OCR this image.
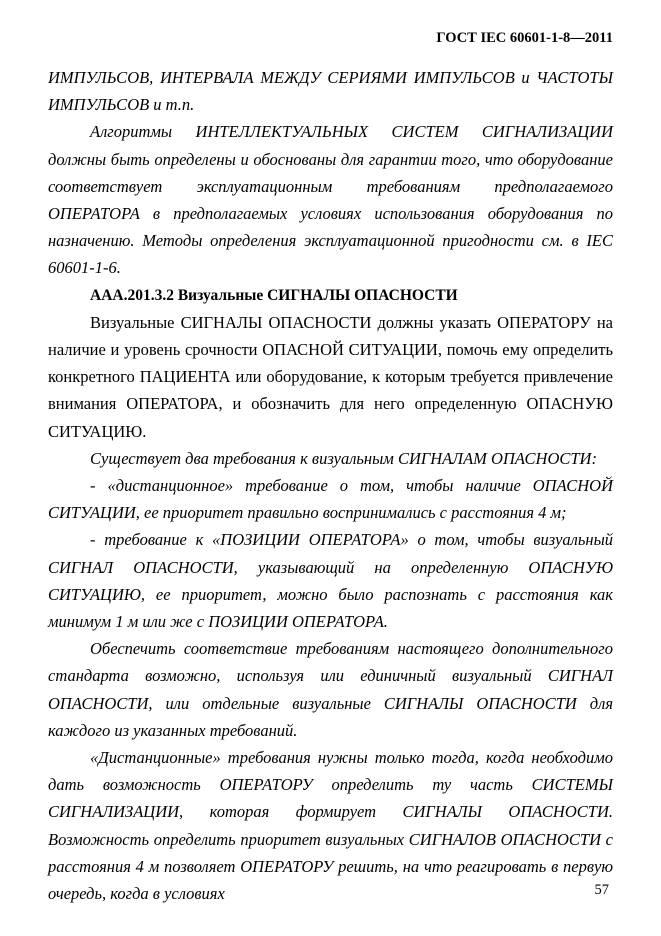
ГОСТ IEC 60601-1-8—2011

ИМПУЛЬСОВ, ИНТЕРВАЛА МЕЖДУ СЕРИЯМИ ИМПУЛЬСОВ и ЧАСТОТЫ ИМПУЛЬСОВ и т.п.

Алгоритмы ИНТЕЛЛЕКТУАЛЬНЫХ СИСТЕМ СИГНАЛИЗАЦИИ должны быть определены и обоснованы для гарантии того, что оборудование соответствует эксплуатационным требованиям предполагаемого ОПЕРАТОРА в предполагаемых условиях использования оборудования по назначению. Методы определения эксплуатационной пригодности см. в IEC 60601-1-6.

AAA.201.3.2 Визуальные СИГНАЛЫ ОПАСНОСТИ

Визуальные СИГНАЛЫ ОПАСНОСТИ должны указать ОПЕРАТОРУ на наличие и уровень срочности ОПАСНОЙ СИТУАЦИИ, помочь ему определить конкретного ПАЦИЕНТА или оборудование, к которым требуется привлечение внимания ОПЕРАТОРА, и обозначить для него определенную ОПАСНУЮ СИТУАЦИЮ.

Существует два требования к визуальным СИГНАЛАМ ОПАСНОСТИ:

- «дистанционное» требование о том, чтобы наличие ОПАСНОЙ СИТУАЦИИ, ее приоритет правильно воспринимались с расстояния 4 м;

- требование к «ПОЗИЦИИ ОПЕРАТОРА» о том, чтобы визуальный СИГНАЛ ОПАСНОСТИ, указывающий на определенную ОПАСНУЮ СИТУАЦИЮ, ее приоритет, можно было распознать с расстояния как минимум 1 м или же с ПОЗИЦИИ ОПЕРАТОРА.

Обеспечить соответствие требованиям настоящего дополнительного стандарта возможно, используя или единичный визуальный СИГНАЛ ОПАСНОСТИ, или отдельные визуальные СИГНАЛЫ ОПАСНОСТИ для каждого из указанных требований.

«Дистанционные» требования нужны только тогда, когда необходимо дать возможность ОПЕРАТОРУ определить ту часть СИСТЕМЫ СИГНАЛИЗАЦИИ, которая формирует СИГНАЛЫ ОПАСНОСТИ. Возможность определить приоритет визуальных СИГНАЛОВ ОПАСНОСТИ с расстояния 4 м позволяет ОПЕРАТОРУ решить, на что реагировать в первую очередь, когда в условиях	57
